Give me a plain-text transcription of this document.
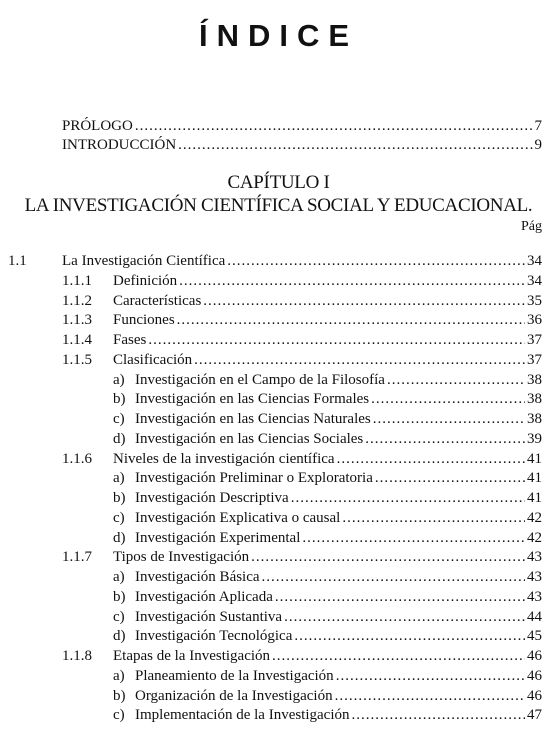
ÍNDICE
PRÓLOGO .....	7
INTRODUCCIÓN .....	9
CAPÍTULO I
LA INVESTIGACIÓN CIENTÍFICA SOCIAL Y EDUCACIONAL.
Pág
1.1	La Investigación Científica .....	34
1.1.1	Definición .....	34
1.1.2	Características .....	35
1.1.3	Funciones .....	36
1.1.4	Fases .....	37
1.1.5	Clasificación .....	37
a) Investigación en el Campo de la Filosofía .....	38
b) Investigación en las Ciencias Formales .....	38
c) Investigación en las Ciencias Naturales .....	38
d) Investigación en las Ciencias Sociales .....	39
1.1.6	Niveles de la investigación científica .....	41
a) Investigación Preliminar o Exploratoria .....	41
b) Investigación Descriptiva .....	41
c) Investigación Explicativa o causal .....	42
d) Investigación Experimental .....	42
1.1.7	Tipos de Investigación .....	43
a) Investigación Básica .....	43
b) Investigación Aplicada .....	43
c) Investigación Sustantiva .....	44
d) Investigación Tecnológica .....	45
1.1.8	Etapas de la Investigación .....	46
a) Planeamiento de la Investigación .....	46
b) Organización de la Investigación .....	46
c) Implementación de la Investigación .....	47
